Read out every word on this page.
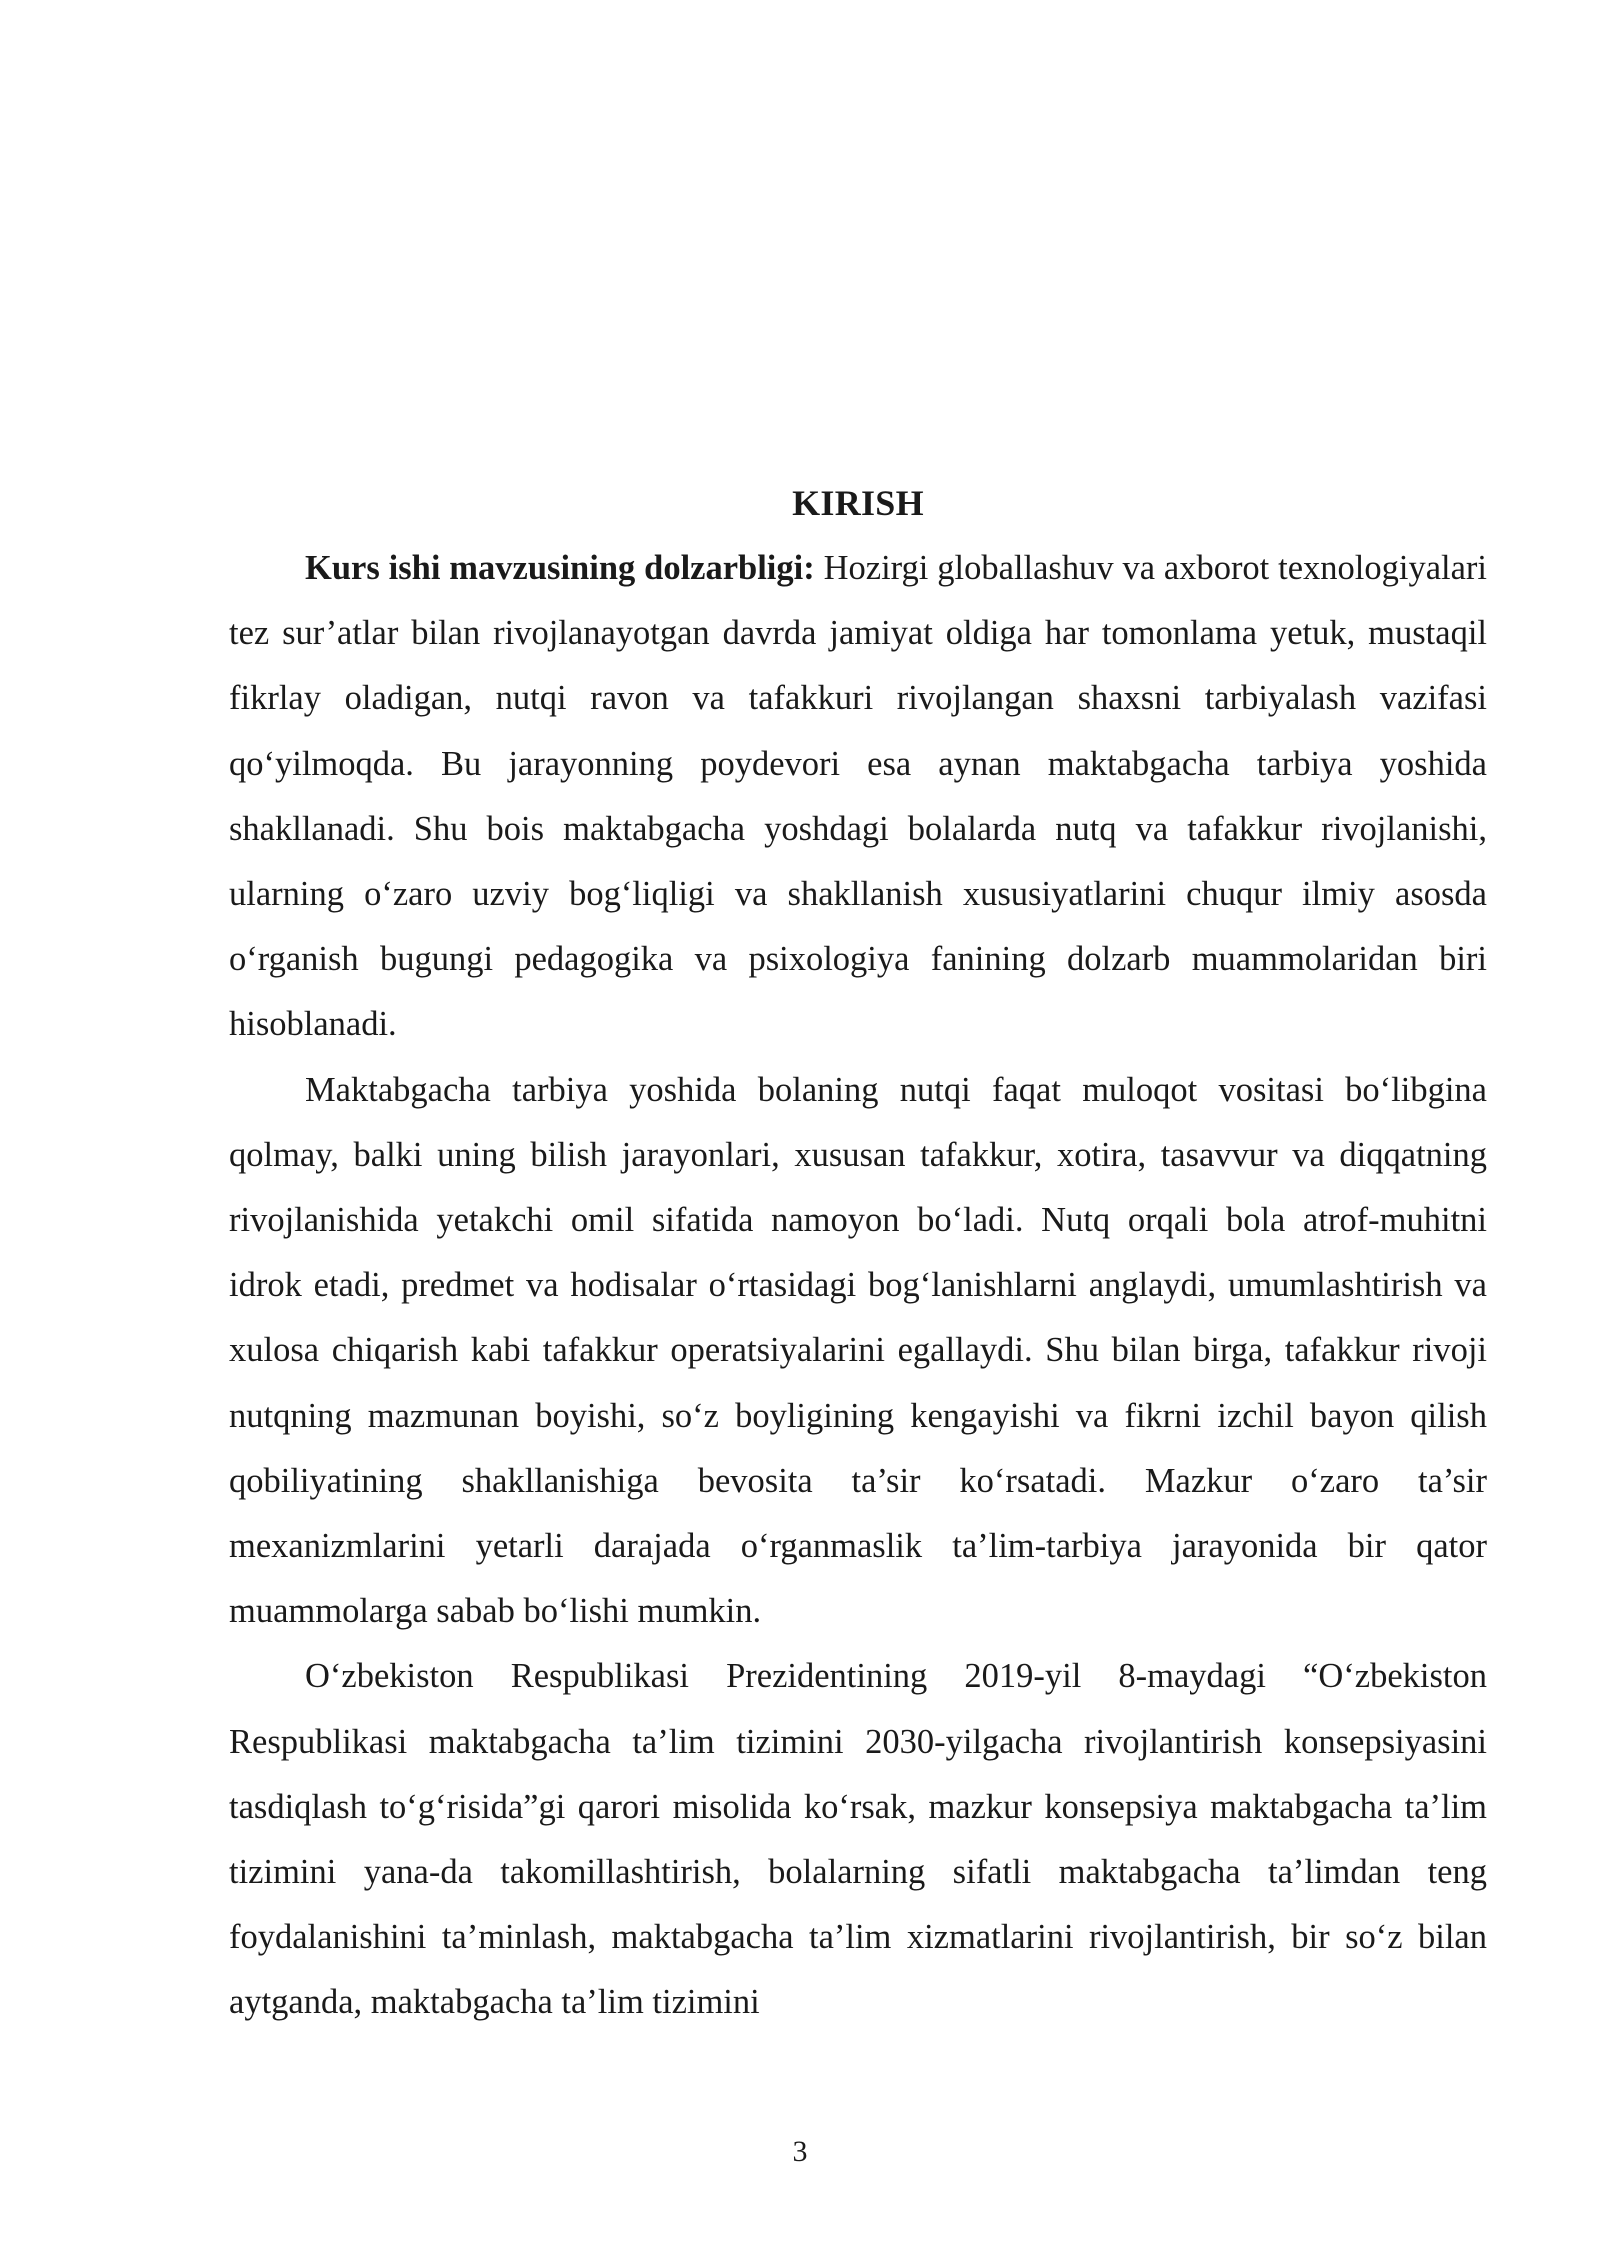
KIRISH

Kurs ishi mavzusining dolzarbligi: Hozirgi globallashuv va axborot texnologiyalari tez sur’atlar bilan rivojlanayotgan davrda jamiyat oldiga har tomonlama yetuk, mustaqil fikrlay oladigan, nutqi ravon va tafakkuri rivojlangan shaxsni tarbiyalash vazifasi qo‘yilmoqda. Bu jarayonning poydevori esa aynan maktabgacha tarbiya yoshida shakllanadi. Shu bois maktabgacha yoshdagi bolalarda nutq va tafakkur rivojlanishi, ularning o‘zaro uzviy bog‘liqligi va shakllanish xususiyatlarini chuqur ilmiy asosda o‘rganish bugungi pedagogika va psixologiya fanining dolzarb muammolaridan biri hisoblanadi.

Maktabgacha tarbiya yoshida bolaning nutqi faqat muloqot vositasi bo‘libgina qolmay, balki uning bilish jarayonlari, xususan tafakkur, xotira, tasavvur va diqqatning rivojlanishida yetakchi omil sifatida namoyon bo‘ladi. Nutq orqali bola atrof-muhitni idrok etadi, predmet va hodisalar o‘rtasidagi bog‘lanishlarni anglaydi, umumlashtirish va xulosa chiqarish kabi tafakkur operatsiyalarini egallaydi. Shu bilan birga, tafakkur rivoji nutqning mazmunan boyishi, so‘z boyligining kengayishi va fikrni izchil bayon qilish qobiliyatining shakllanishiga bevosita ta’sir ko‘rsatadi. Mazkur o‘zaro ta’sir mexanizmlarini yetarli darajada o‘rganmaslik ta’lim-tarbiya jarayonida bir qator muammolarga sabab bo‘lishi mumkin.

O‘zbekiston Respublikasi Prezidentining 2019-yil 8-maydagi “O‘zbekiston Respublikasi maktabgacha ta’lim tizimini 2030-yilgacha rivojlantirish konsepsiyasini tasdiqlash to‘g‘risida”gi qarori misolida ko‘rsak, mazkur konsepsiya maktabgacha ta’lim tizimini yana-da takomillashtirish, bolalarning sifatli maktabgacha ta’limdan teng foydalanishini ta’minlash, maktabgacha ta’lim xizmatlarini rivojlantirish, bir so‘z bilan aytganda, maktabgacha ta’lim tizimini

3
